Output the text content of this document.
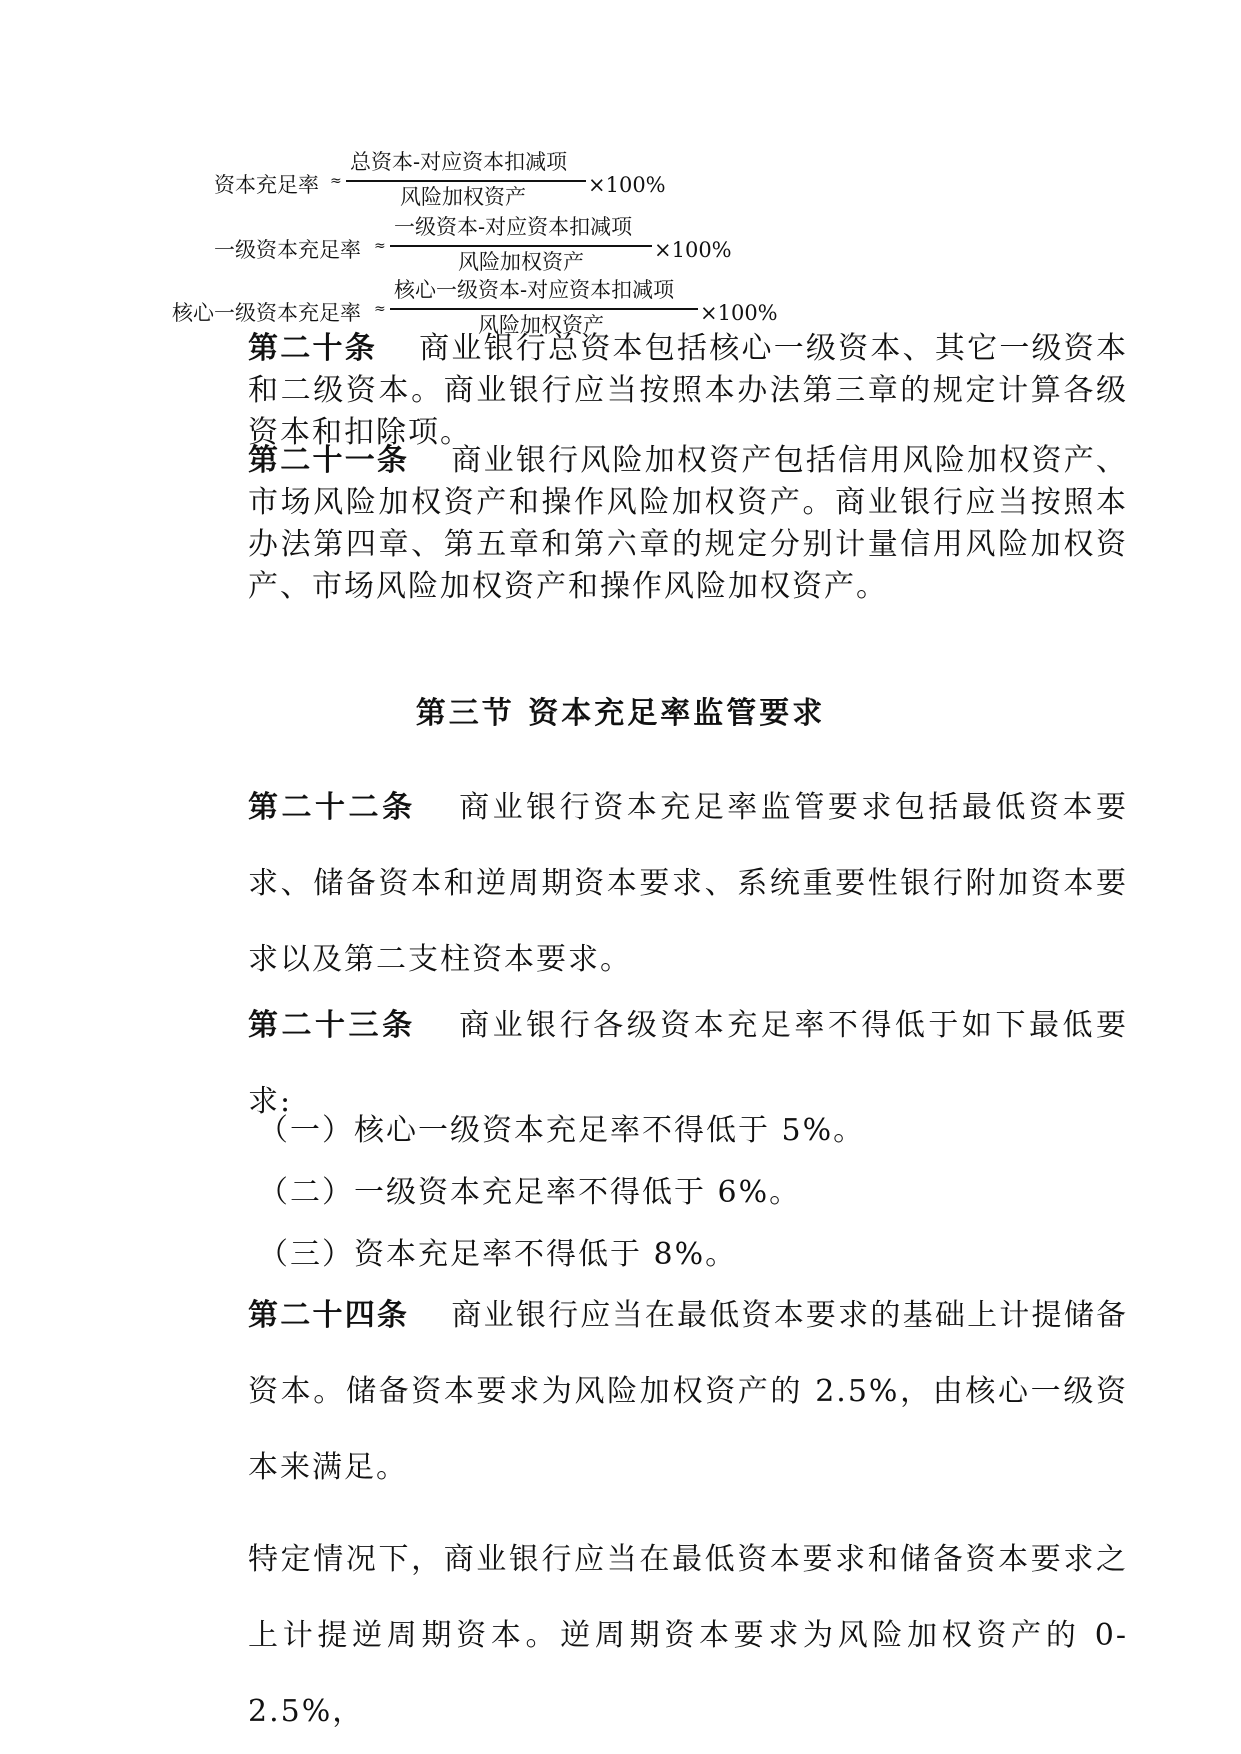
资本充足率 ≈
总资本-对应资本扣减项
风险加权资产	×100%
一级资本充足率 ≈
一级资本-对应资本扣减项
风险加权资产	×100%
核心一级资本充足率 ≈
核心一级资本-对应资本扣减项
风险加权资产	×100%

第二十条 商业银行总资本包括核心一级资本、其它一级资本和二级资本。商业银行应当按照本办法第三章的规定计算各级资本和扣除项。

第二十一条 商业银行风险加权资产包括信用风险加权资产、市场风险加权资产和操作风险加权资产。商业银行应当按照本办法第四章、第五章和第六章的规定分别计量信用风险加权资产、市场风险加权资产和操作风险加权资产。

第三节 资本充足率监管要求

第二十二条 商业银行资本充足率监管要求包括最低资本要求、储备资本和逆周期资本要求、系统重要性银行附加资本要求以及第二支柱资本要求。

第二十三条 商业银行各级资本充足率不得低于如下最低要求:

（一）核心一级资本充足率不得低于 5%。
（二）一级资本充足率不得低于 6%。
（三）资本充足率不得低于 8%。

第二十四条 商业银行应当在最低资本要求的基础上计提储备资本。储备资本要求为风险加权资产的 2.5%，由核心一级资本来满足。

特定情况下，商业银行应当在最低资本要求和储备资本要求之上计提逆周期资本。逆周期资本要求为风险加权资产的 0-2.5%，
